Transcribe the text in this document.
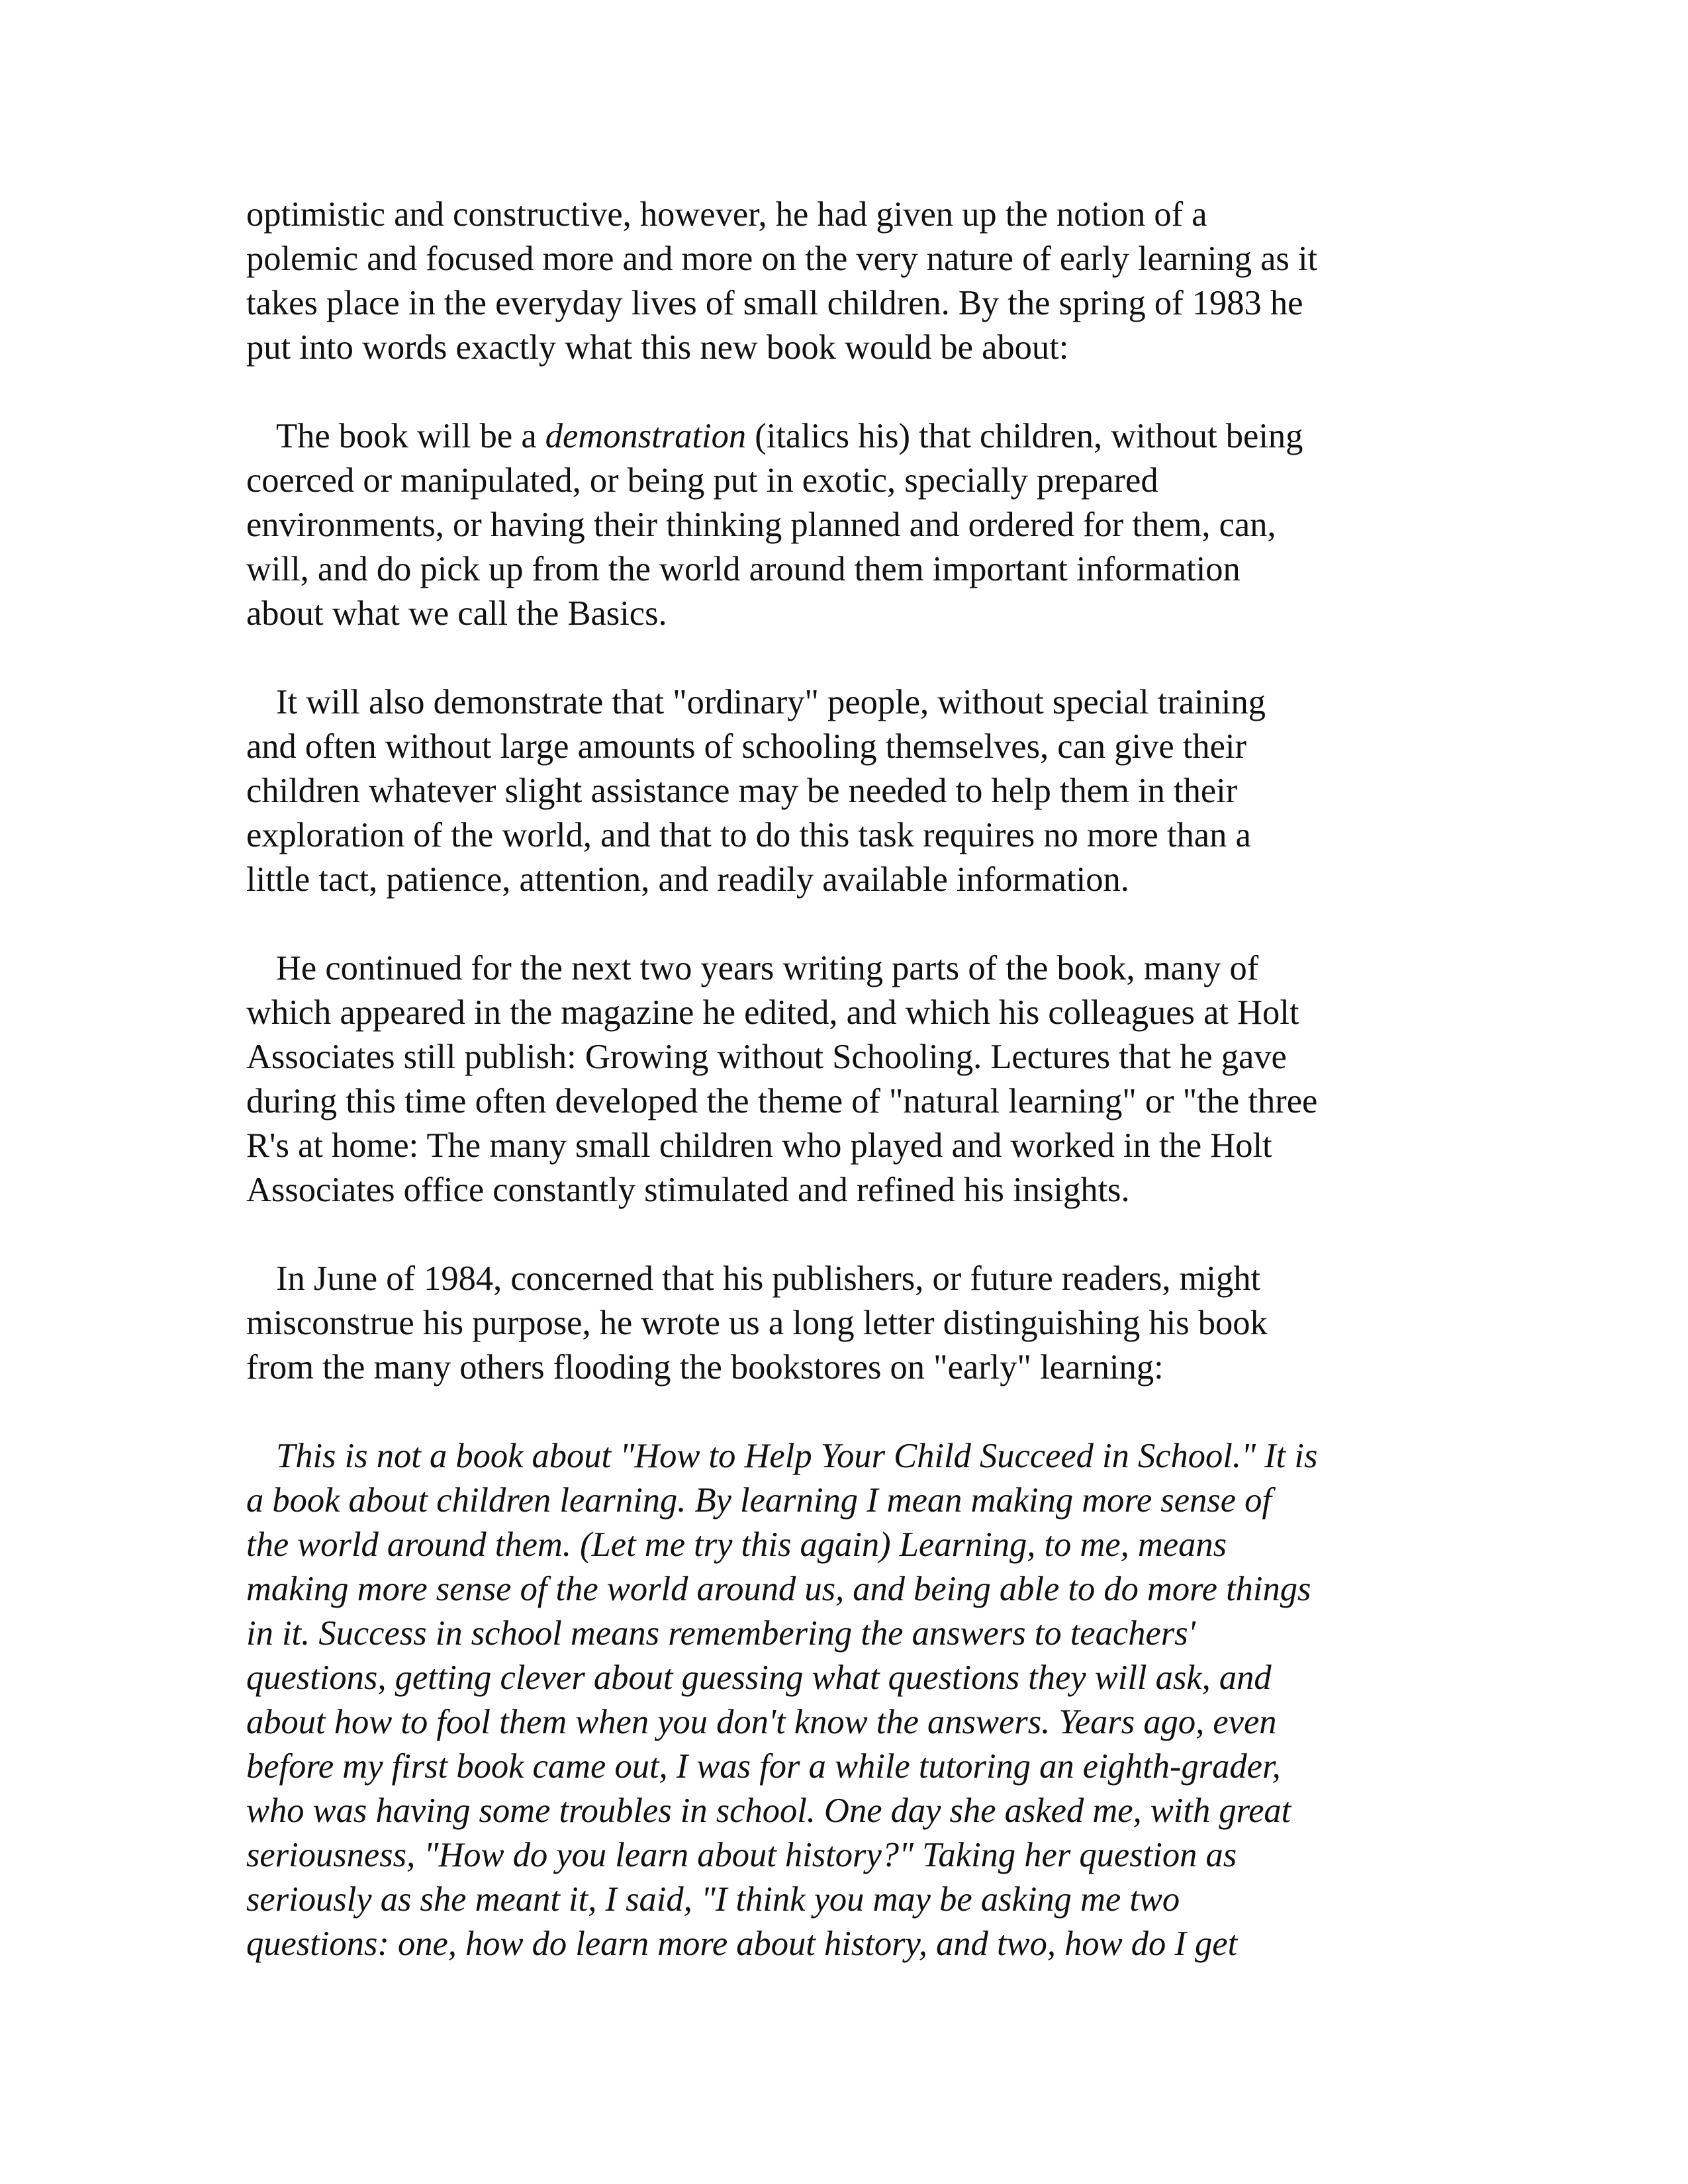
optimistic and constructive, however, he had given up the notion of a
polemic and focused more and more on the very nature of early learning as it
takes place in the everyday lives of small children. By the spring of 1983 he
put into words exactly what this new book would be about:

The book will be a demonstration (italics his) that children, without being
coerced or manipulated, or being put in exotic, specially prepared
environments, or having their thinking planned and ordered for them, can,
will, and do pick up from the world around them important information
about what we call the Basics.

It will also demonstrate that "ordinary" people, without special training
and often without large amounts of schooling themselves, can give their
children whatever slight assistance may be needed to help them in their
exploration of the world, and that to do this task requires no more than a
little tact, patience, attention, and readily available information.

He continued for the next two years writing parts of the book, many of
which appeared in the magazine he edited, and which his colleagues at Holt
Associates still publish: Growing without Schooling. Lectures that he gave
during this time often developed the theme of "natural learning" or "the three
R's at home: The many small children who played and worked in the Holt
Associates office constantly stimulated and refined his insights.

In June of 1984, concerned that his publishers, or future readers, might
misconstrue his purpose, he wrote us a long letter distinguishing his book
from the many others flooding the bookstores on "early" learning:

This is not a book about "How to Help Your Child Succeed in School." It is
a book about children learning. By learning I mean making more sense of
the world around them. (Let me try this again) Learning, to me, means
making more sense of the world around us, and being able to do more things
in it. Success in school means remembering the answers to teachers'
questions, getting clever about guessing what questions they will ask, and
about how to fool them when you don't know the answers. Years ago, even
before my first book came out, I was for a while tutoring an eighth-grader,
who was having some troubles in school. One day she asked me, with great
seriousness, "How do you learn about history?" Taking her question as
seriously as she meant it, I said, "I think you may be asking me two
questions: one, how do learn more about history, and two, how do I get
